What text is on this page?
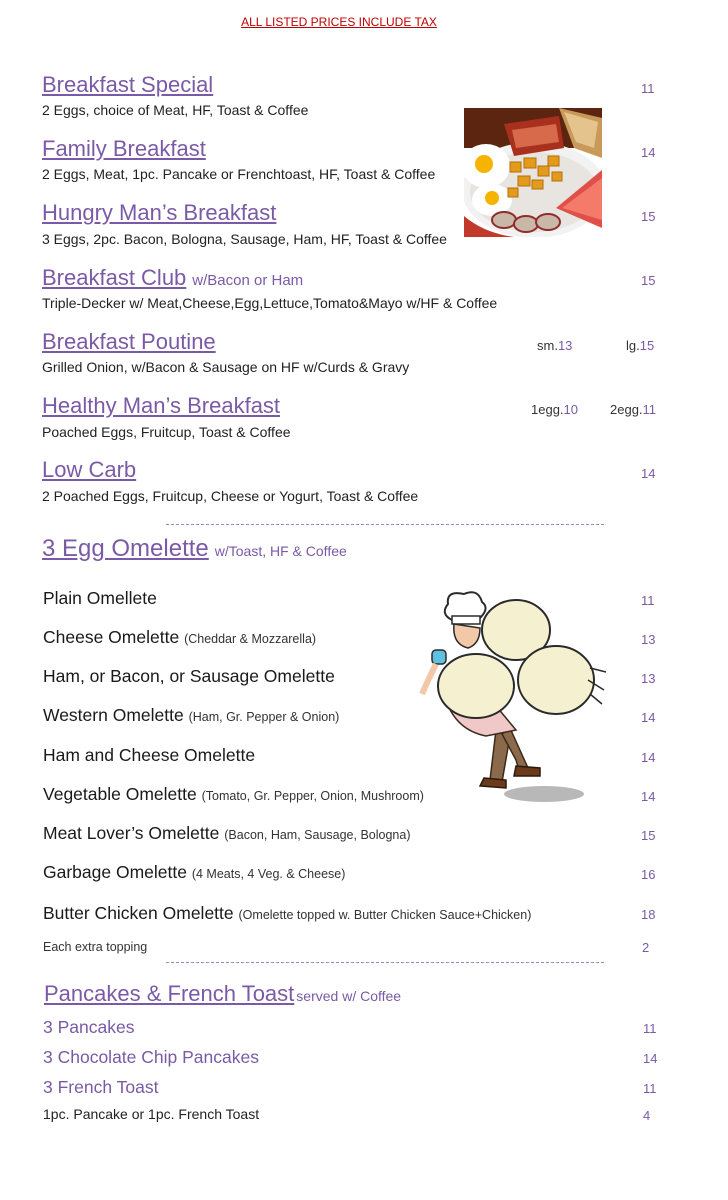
ALL LISTED PRICES INCLUDE TAX
Breakfast Special
2 Eggs, choice of Meat, HF, Toast & Coffee
11
Family Breakfast
2 Eggs, Meat, 1pc. Pancake or Frenchtoast, HF, Toast & Coffee
14
Hungry Man’s Breakfast
3 Eggs, 2pc. Bacon, Bologna, Sausage, Ham, HF, Toast & Coffee
15
Breakfast Club w/Bacon or Ham
Triple-Decker w/ Meat,Cheese,Egg,Lettuce,Tomato&Mayo w/HF & Coffee
15
Breakfast Poutine
Grilled Onion, w/Bacon & Sausage on HF w/Curds & Gravy
sm.13	lg.15
Healthy Man’s Breakfast
Poached Eggs, Fruitcup, Toast & Coffee
1egg.10 2egg.11
Low Carb
2 Poached Eggs, Fruitcup, Cheese or Yogurt, Toast & Coffee
14
3 Egg Omelette w/Toast, HF & Coffee
Plain Omellete	11
Cheese Omelette (Cheddar & Mozzarella)	13
Ham, or Bacon, or Sausage Omelette	13
Western Omelette (Ham, Gr. Pepper & Onion)	14
Ham and Cheese Omelette	14
Vegetable Omelette (Tomato, Gr. Pepper, Onion, Mushroom)	14
Meat Lover’s Omelette (Bacon, Ham, Sausage, Bologna)	15
Garbage Omelette (4 Meats, 4 Veg. & Cheese)	16
Butter Chicken Omelette (Omelette topped w. Butter Chicken Sauce+Chicken)	18
Each extra topping	2
Pancakes & French Toast served w/ Coffee
3 Pancakes	11
3 Chocolate Chip Pancakes	14
3 French Toast	11
1pc. Pancake or 1pc. French Toast	4
